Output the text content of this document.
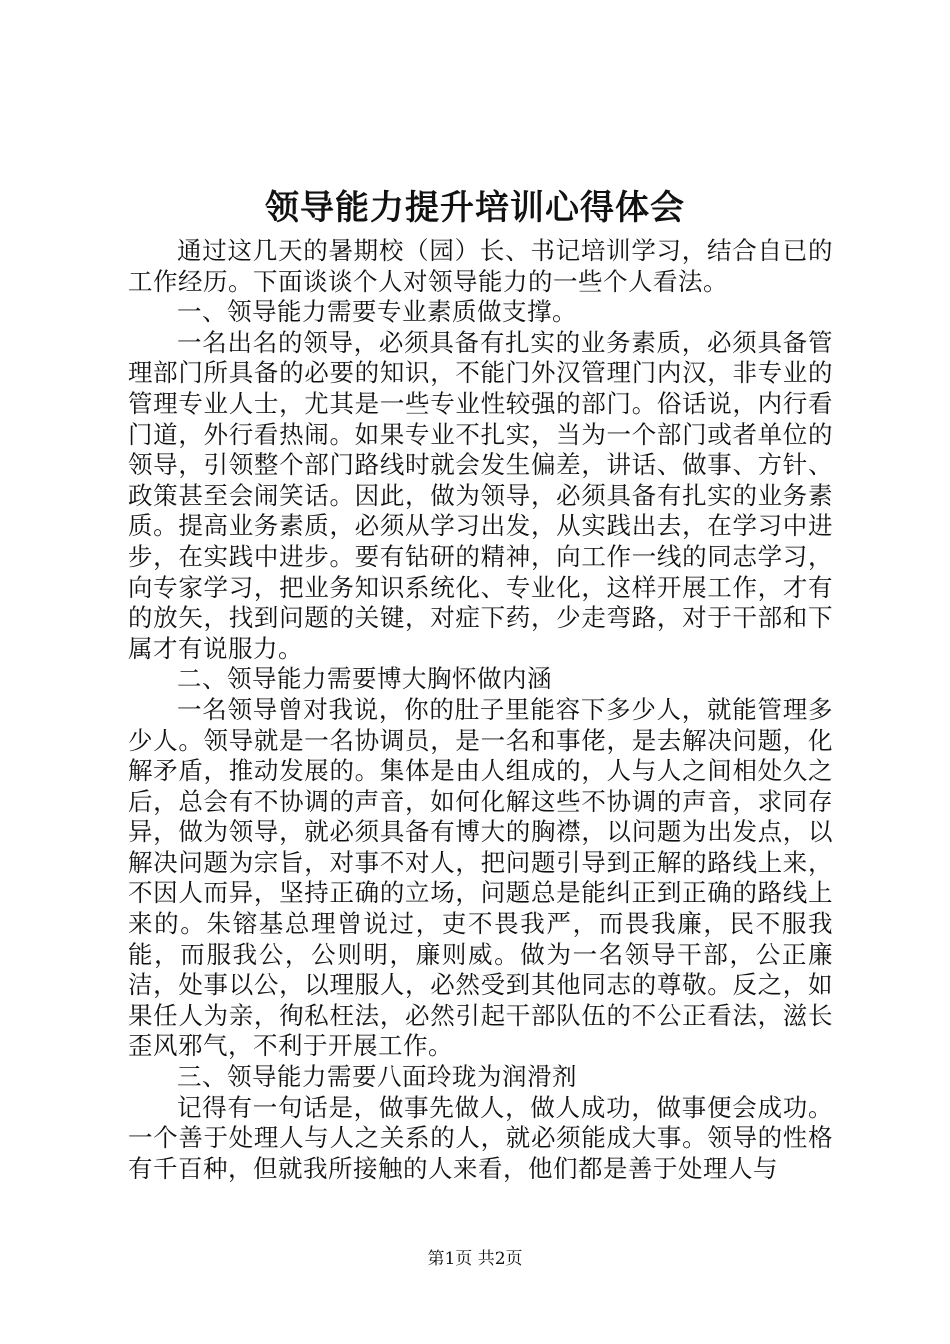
领导能力提升培训心得体会

通过这几天的暑期校（园）长、书记培训学习，结合自已的工作经历。下面谈谈个人对领导能力的一些个人看法。

一、领导能力需要专业素质做支撑。

一名出名的领导，必须具备有扎实的业务素质，必须具备管理部门所具备的必要的知识，不能门外汉管理门内汉，非专业的管理专业人士，尤其是一些专业性较强的部门。俗话说，内行看门道，外行看热闹。如果专业不扎实，当为一个部门或者单位的领导，引领整个部门路线时就会发生偏差，讲话、做事、方针、政策甚至会闹笑话。因此，做为领导，必须具备有扎实的业务素质。提高业务素质，必须从学习出发，从实践出去，在学习中进步，在实践中进步。要有钻研的精神，向工作一线的同志学习，向专家学习，把业务知识系统化、专业化，这样开展工作，才有的放矢，找到问题的关键，对症下药，少走弯路，对于干部和下属才有说服力。

二、领导能力需要博大胸怀做内涵

一名领导曾对我说，你的肚子里能容下多少人，就能管理多少人。领导就是一名协调员，是一名和事佬，是去解决问题，化解矛盾，推动发展的。集体是由人组成的，人与人之间相处久之后，总会有不协调的声音，如何化解这些不协调的声音，求同存异，做为领导，就必须具备有博大的胸襟，以问题为出发点，以解决问题为宗旨，对事不对人，把问题引导到正解的路线上来，不因人而异，坚持正确的立场，问题总是能纠正到正确的路线上来的。朱镕基总理曾说过，吏不畏我严，而畏我廉，民不服我能，而服我公，公则明，廉则威。做为一名领导干部，公正廉洁，处事以公，以理服人，必然受到其他同志的尊敬。反之，如果任人为亲，徇私枉法，必然引起干部队伍的不公正看法，滋长歪风邪气，不利于开展工作。

三、领导能力需要八面玲珑为润滑剂

记得有一句话是，做事先做人，做人成功，做事便会成功。一个善于处理人与人之关系的人，就必须能成大事。领导的性格有千百种，但就我所接触的人来看，他们都是善于处理人与

第1页 共2页
